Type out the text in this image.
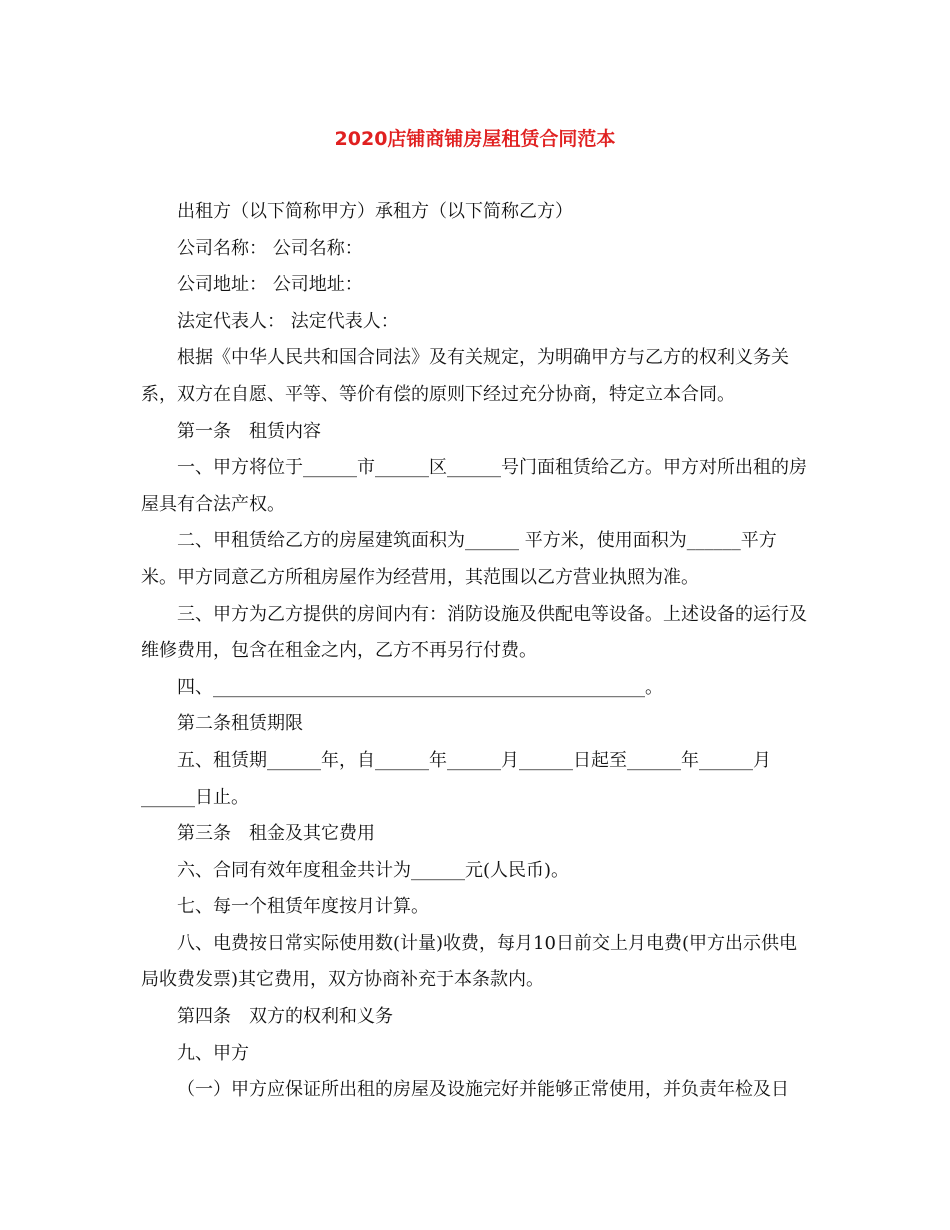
2020店铺商铺房屋租赁合同范本

出租方（以下简称甲方）承租方（以下简称乙方）

公司名称： 公司名称：

公司地址： 公司地址：

法定代表人： 法定代表人：

根据《中华人民共和国合同法》及有关规定，为明确甲方与乙方的权利义务关系，双方在自愿、平等、等价有偿的原则下经过充分协商，特定立本合同。

第一条　租赁内容

一、甲方将位于______市______区______号门面租赁给乙方。甲方对所出租的房屋具有合法产权。

二、甲租赁给乙方的房屋建筑面积为______ 平方米，使用面积为______平方米。甲方同意乙方所租房屋作为经营用，其范围以乙方营业执照为准。

三、甲方为乙方提供的房间内有：消防设施及供配电等设备。上述设备的运行及维修费用，包含在租金之内，乙方不再另行付费。

四、________________________________________________。

第二条租赁期限

五、租赁期______年，自______年______月______日起至______年______月______日止。

第三条　租金及其它费用

六、合同有效年度租金共计为______元(人民币)。

七、每一个租赁年度按月计算。

八、电费按日常实际使用数(计量)收费，每月10日前交上月电费(甲方出示供电局收费发票)其它费用，双方协商补充于本条款内。

第四条　双方的权利和义务

九、甲方

（一）甲方应保证所出租的房屋及设施完好并能够正常使用，并负责年检及日
